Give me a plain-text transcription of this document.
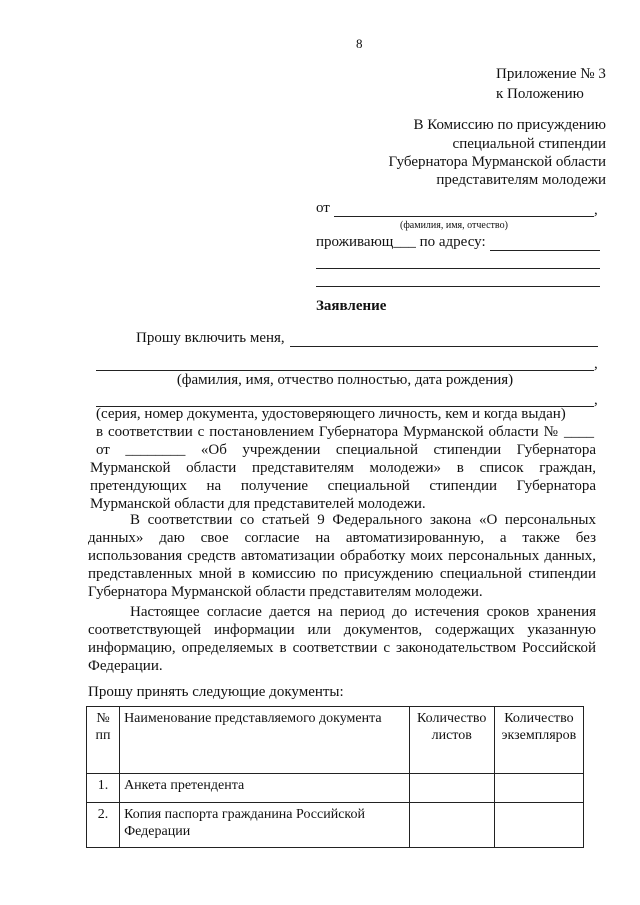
8
Приложение № 3
к Положению
В Комиссию по присуждению
специальной стипендии
Губернатора Мурманской области
представителям молодежи
от	,
(фамилия, имя, отчество)
проживающ___ по адресу:
Заявление
Прошу включить меня,
,
(фамилия, имя, отчество полностью, дата рождения)
,
(серия, номер документа, удостоверяющего личность, кем и когда выдан)
в соответствии с постановлением Губернатора Мурманской области № ____
от ________ «Об учреждении специальной стипендии Губернатора
Мурманской области представителям молодежи» в список граждан,
претендующих на получение специальной стипендии Губернатора
Мурманской области для представителей молодежи.
В соответствии со статьей 9 Федерального закона «О персональных
данных» даю свое согласие на автоматизированную, а также без
использования средств автоматизации обработку моих персональных данных,
представленных мной в комиссию по присуждению специальной стипендии
Губернатора Мурманской области представителям молодежи.
Настоящее согласие дается на период до истечения сроков хранения
соответствующей информации или документов, содержащих указанную
информацию, определяемых в соответствии с законодательством Российской
Федерации.
Прошу принять следующие документы:
№ пп	Наименование представляемого документа	Количество листов	Количество экземпляров
1.	Анкета претендента		
2.	Копия паспорта гражданина Российской Федерации		
